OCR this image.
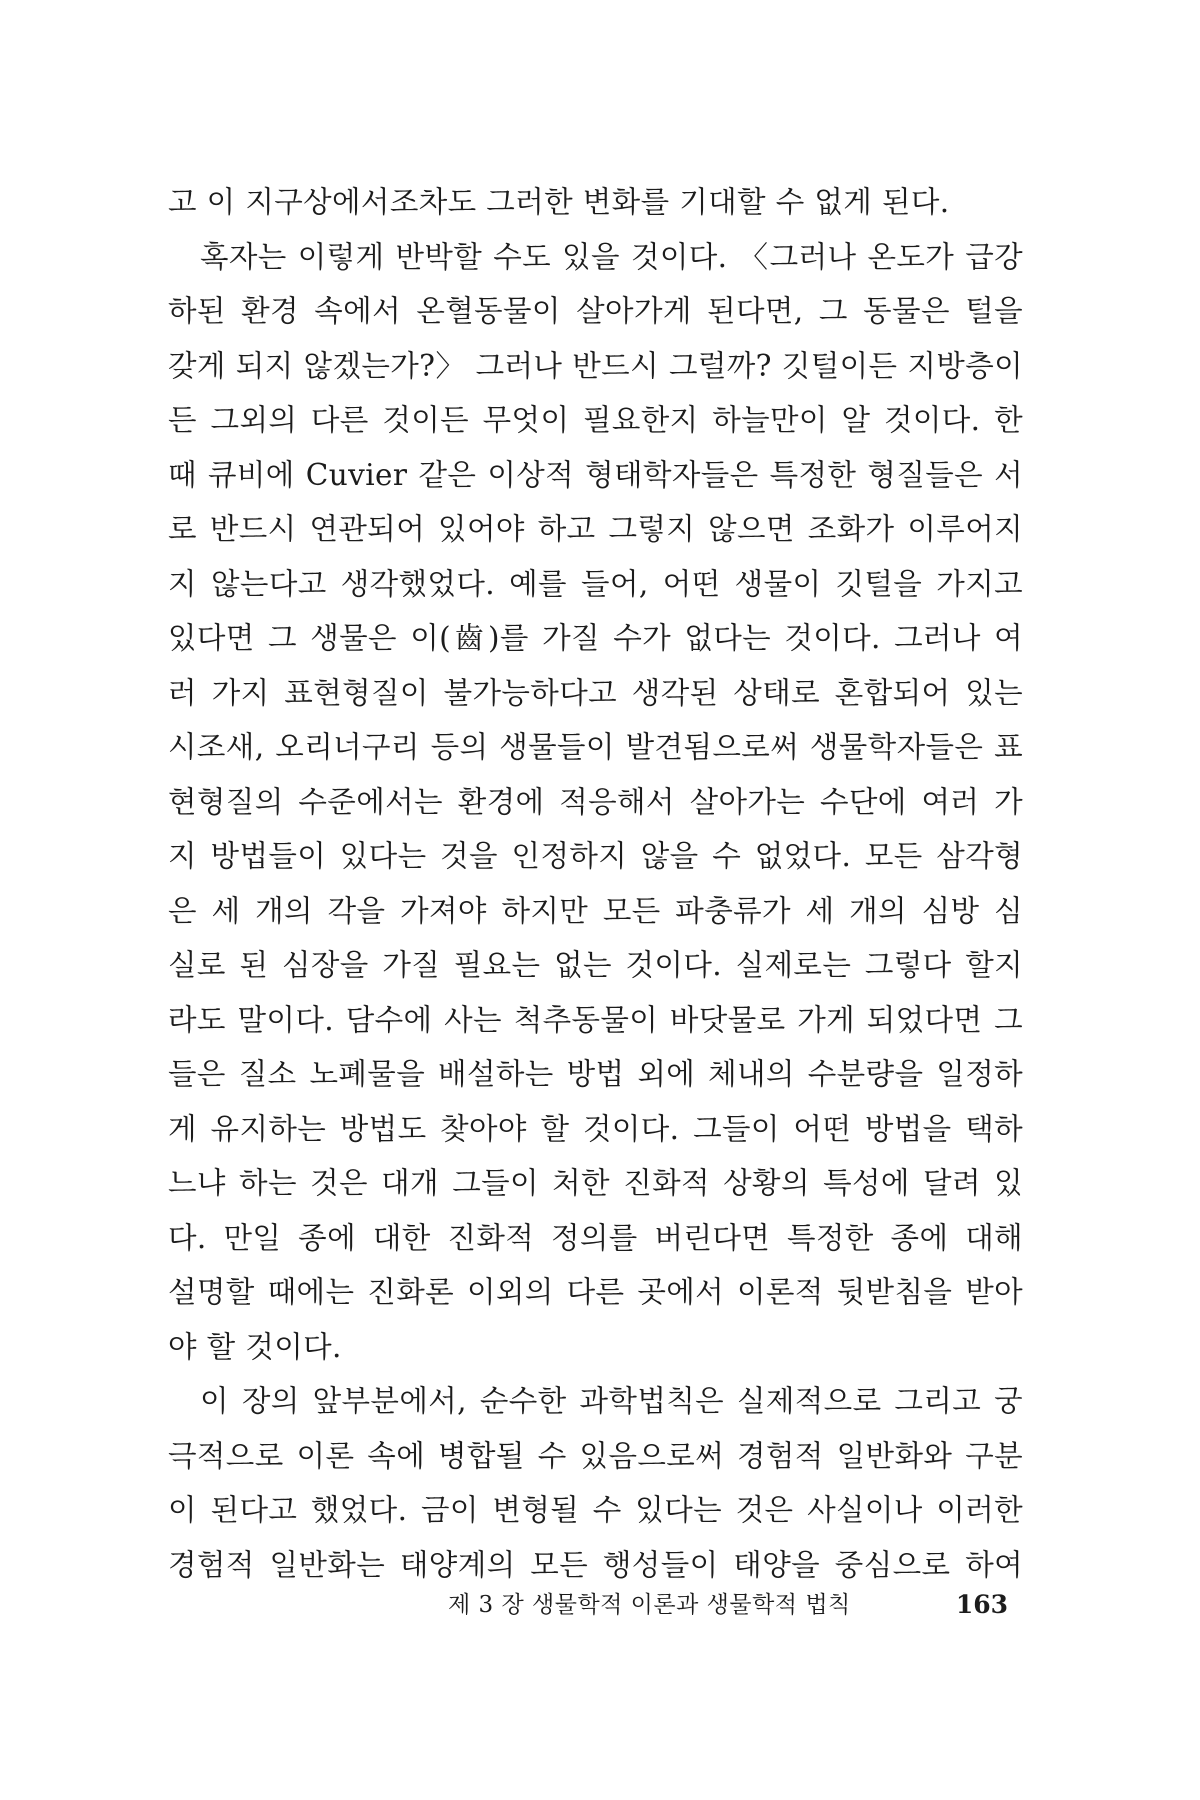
고 이 지구상에서조차도 그러한 변화를 기대할 수 없게 된다.
혹자는 이렇게 반박할 수도 있을 것이다. 〈그러나 온도가 급강
하된 환경 속에서 온혈동물이 살아가게 된다면, 그 동물은 털을
갖게 되지 않겠는가?〉 그러나 반드시 그럴까? 깃털이든 지방층이
든 그외의 다른 것이든 무엇이 필요한지 하늘만이 알 것이다. 한
때 큐비에 Cuvier 같은 이상적 형태학자들은 특정한 형질들은 서
로 반드시 연관되어 있어야 하고 그렇지 않으면 조화가 이루어지
지 않는다고 생각했었다. 예를 들어, 어떤 생물이 깃털을 가지고
있다면 그 생물은 이(齒)를 가질 수가 없다는 것이다. 그러나 여
러 가지 표현형질이 불가능하다고 생각된 상태로 혼합되어 있는
시조새, 오리너구리 등의 생물들이 발견됨으로써 생물학자들은 표
현형질의 수준에서는 환경에 적응해서 살아가는 수단에 여러 가
지 방법들이 있다는 것을 인정하지 않을 수 없었다. 모든 삼각형
은 세 개의 각을 가져야 하지만 모든 파충류가 세 개의 심방 심
실로 된 심장을 가질 필요는 없는 것이다. 실제로는 그렇다 할지
라도 말이다. 담수에 사는 척추동물이 바닷물로 가게 되었다면 그
들은 질소 노폐물을 배설하는 방법 외에 체내의 수분량을 일정하
게 유지하는 방법도 찾아야 할 것이다. 그들이 어떤 방법을 택하
느냐 하는 것은 대개 그들이 처한 진화적 상황의 특성에 달려 있
다. 만일 종에 대한 진화적 정의를 버린다면 특정한 종에 대해
설명할 때에는 진화론 이외의 다른 곳에서 이론적 뒷받침을 받아
야 할 것이다.
이 장의 앞부분에서, 순수한 과학법칙은 실제적으로 그리고 궁
극적으로 이론 속에 병합될 수 있음으로써 경험적 일반화와 구분
이 된다고 했었다. 금이 변형될 수 있다는 것은 사실이나 이러한
경험적 일반화는 태양계의 모든 행성들이 태양을 중심으로 하여
제 3 장 생물학적 이론과 생물학적 법칙	163
